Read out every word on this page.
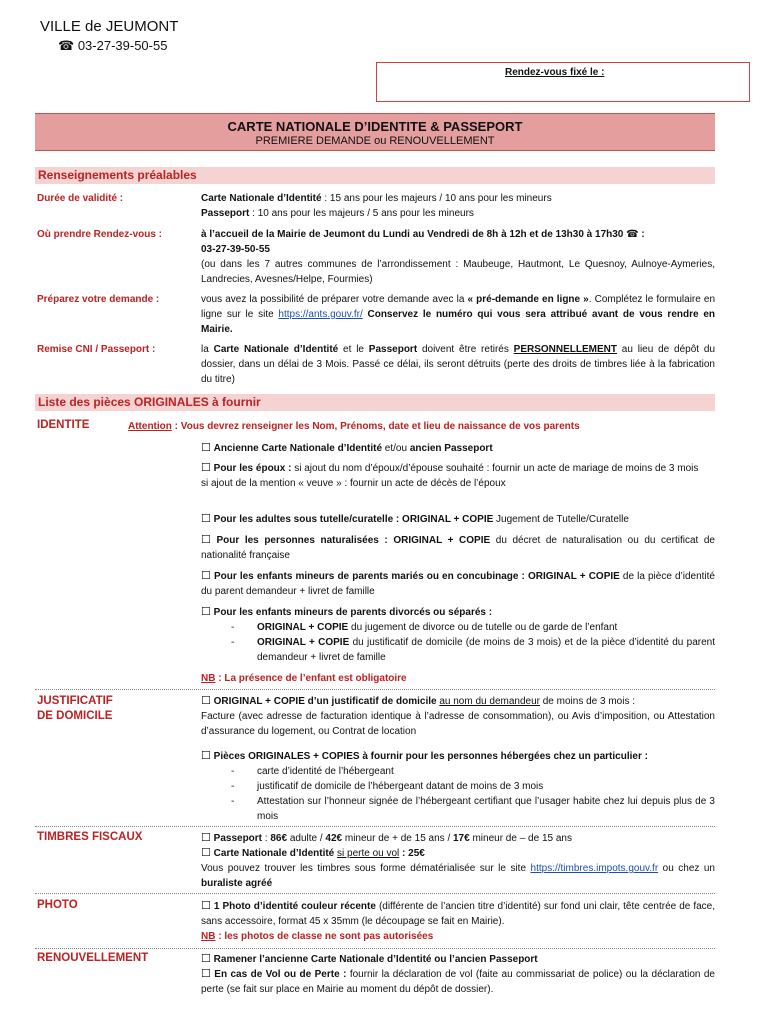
VILLE de JEUMONT
☎ 03-27-39-50-55
Rendez-vous fixé le :
CARTE NATIONALE D’IDENTITE & PASSEPORT
PREMIERE DEMANDE ou RENOUVELLEMENT
Renseignements préalables
Durée de validité :	Carte Nationale d’Identité : 15 ans pour les majeurs / 10 ans pour les mineurs
Passeport : 10 ans pour les majeurs / 5 ans pour les mineurs
Où prendre Rendez-vous :	à l’accueil de la Mairie de Jeumont du Lundi au Vendredi de 8h à 12h et de 13h30 à 17h30 ☎ :
03-27-39-50-55
(ou dans les 7 autres communes de l’arrondissement : Maubeuge, Hautmont, Le Quesnoy, Aulnoye-Aymeries, Landrecies, Avesnes/Helpe, Fourmies)
Préparez votre demande :	vous avez la possibilité de préparer votre demande avec la « pré-demande en ligne ». Complétez le formulaire en ligne sur le site https://ants.gouv.fr/ Conservez le numéro qui vous sera attribué avant de vous rendre en Mairie.
Remise CNI / Passeport :	la Carte Nationale d’Identité et le Passeport doivent être retirés PERSONNELLEMENT au lieu de dépôt du dossier, dans un délai de 3 Mois. Passé ce délai, ils seront détruits (perte des droits de timbres liée à la fabrication du titre)
Liste des pièces ORIGINALES à fournir
IDENTITE	Attention : Vous devrez renseigner les Nom, Prénoms, date et lieu de naissance de vos parents
☐ Ancienne Carte Nationale d’Identité et/ou ancien Passeport
☐ Pour les époux : si ajout du nom d’époux/d’épouse souhaité : fournir un acte de mariage de moins de 3 mois
si ajout de la mention « veuve » : fournir un acte de décès de l’époux
☐ Pour les adultes sous tutelle/curatelle : ORIGINAL + COPIE Jugement de Tutelle/Curatelle
☐ Pour les personnes naturalisées : ORIGINAL + COPIE du décret de naturalisation ou du certificat de nationalité française
☐ Pour les enfants mineurs de parents mariés ou en concubinage : ORIGINAL + COPIE de la pièce d’identité du parent demandeur + livret de famille
☐ Pour les enfants mineurs de parents divorcés ou séparés :
- ORIGINAL + COPIE du jugement de divorce ou de tutelle ou de garde de l’enfant
- ORIGINAL + COPIE du justificatif de domicile (de moins de 3 mois) et de la pièce d’identité du parent demandeur + livret de famille
NB : La présence de l’enfant est obligatoire
JUSTIFICATIF
DE DOMICILE
☐ ORIGINAL + COPIE d’un justificatif de domicile au nom du demandeur de moins de 3 mois :
Facture (avec adresse de facturation identique à l’adresse de consommation), ou Avis d’imposition, ou Attestation d’assurance du logement, ou Contrat de location
☐ Pièces ORIGINALES + COPIES à fournir pour les personnes hébergées chez un particulier :
- carte d’identité de l’hébergeant
- justificatif de domicile de l’hébergeant datant de moins de 3 mois
- Attestation sur l’honneur signée de l’hébergeant certifiant que l’usager habite chez lui depuis plus de 3 mois
TIMBRES FISCAUX	☐ Passeport : 86€ adulte / 42€ mineur de + de 15 ans / 17€ mineur de – de 15 ans
☐ Carte Nationale d’Identité si perte ou vol : 25€
Vous pouvez trouver les timbres sous forme dématérialisée sur le site https://timbres.impots.gouv.fr ou chez un buraliste agréé
PHOTO	☐ 1 Photo d’identité couleur récente (différente de l’ancien titre d’identité) sur fond uni clair, tête centrée de face, sans accessoire, format 45 x 35mm (le découpage se fait en Mairie).
NB : les photos de classe ne sont pas autorisées
RENOUVELLEMENT	☐ Ramener l’ancienne Carte Nationale d’Identité ou l’ancien Passeport
☐ En cas de Vol ou de Perte : fournir la déclaration de vol (faite au commissariat de police) ou la déclaration de perte (se fait sur place en Mairie au moment du dépôt de dossier).
